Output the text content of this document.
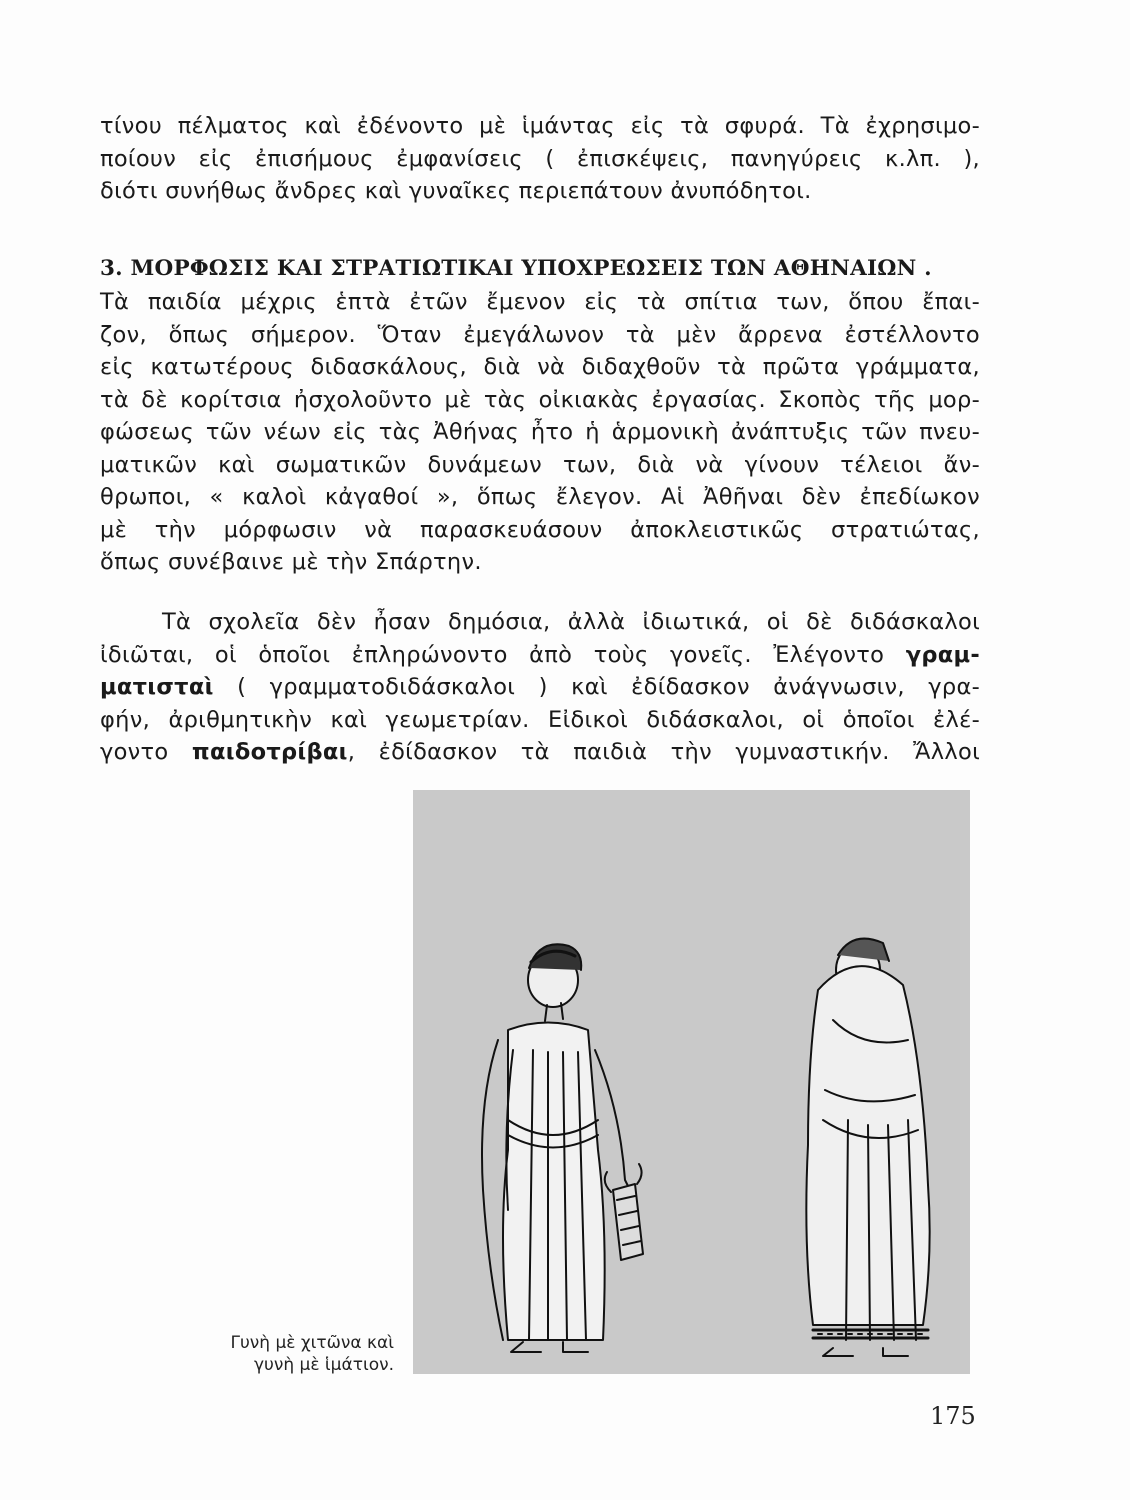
τίνου πέλματος καὶ ἐδένοντο μὲ ἱμάντας εἰς τὰ σφυρά. Τὰ ἐχρησιμο-
ποίουν εἰς ἐπισήμους ἐμφανίσεις ( ἐπισκέψεις, πανηγύρεις κ.λπ. ),
διότι συνήθως ἄνδρες καὶ γυναῖκες περιεπάτουν ἀνυπόδητοι.
3. ΜΟΡΦΩΣΙΣ ΚΑΙ ΣΤΡΑΤΙΩΤΙΚΑΙ ΥΠΟΧΡΕΩΣΕΙΣ ΤΩΝ ΑΘΗΝΑΙΩΝ .
Τὰ παιδία μέχρις ἑπτὰ ἐτῶν ἔμενον εἰς τὰ σπίτια των, ὅπου ἔπαι-
ζον, ὅπως σήμερον. Ὅταν ἐμεγάλωνον τὰ μὲν ἄρρενα ἐστέλλοντο
εἰς κατωτέρους διδασκάλους, διὰ νὰ διδαχθοῦν τὰ πρῶτα γράμματα,
τὰ δὲ κορίτσια ἠσχολοῦντο μὲ τὰς οἰκιακὰς ἐργασίας. Σκοπὸς τῆς μορ-
φώσεως τῶν νέων εἰς τὰς Ἀθήνας ἦτο ἡ ἁρμονικὴ ἀνάπτυξις τῶν πνευ-
ματικῶν καὶ σωματικῶν δυνάμεων των, διὰ νὰ γίνουν τέλειοι ἄν-
θρωποι, « καλοὶ κἀγαθοί », ὅπως ἔλεγον. Αἱ Ἀθῆναι δὲν ἐπεδίωκον
μὲ τὴν μόρφωσιν νὰ παρασκευάσουν ἀποκλειστικῶς στρατιώτας,
ὅπως συνέβαινε μὲ τὴν Σπάρτην.
Τὰ σχολεῖα δὲν ἦσαν δημόσια, ἀλλὰ ἰδιωτικά, οἱ δὲ διδάσκαλοι
ἰδιῶται, οἱ ὁποῖοι ἐπληρώνοντο ἀπὸ τοὺς γονεῖς. Ἐλέγοντο γραμ-
ματισταὶ ( γραμματοδιδάσκαλοι ) καὶ ἐδίδασκον ἀνάγνωσιν, γρα-
φήν, ἀριθμητικὴν καὶ γεωμετρίαν. Εἰδικοὶ διδάσκαλοι, οἱ ὁποῖοι ἐλέ-
γοντο παιδοτρίβαι, ἐδίδασκον τὰ παιδιὰ τὴν γυμναστικήν. Ἄλλοι
Γυνὴ μὲ χιτῶνα καὶ
γυνὴ μὲ ἱμάτιον.
175
